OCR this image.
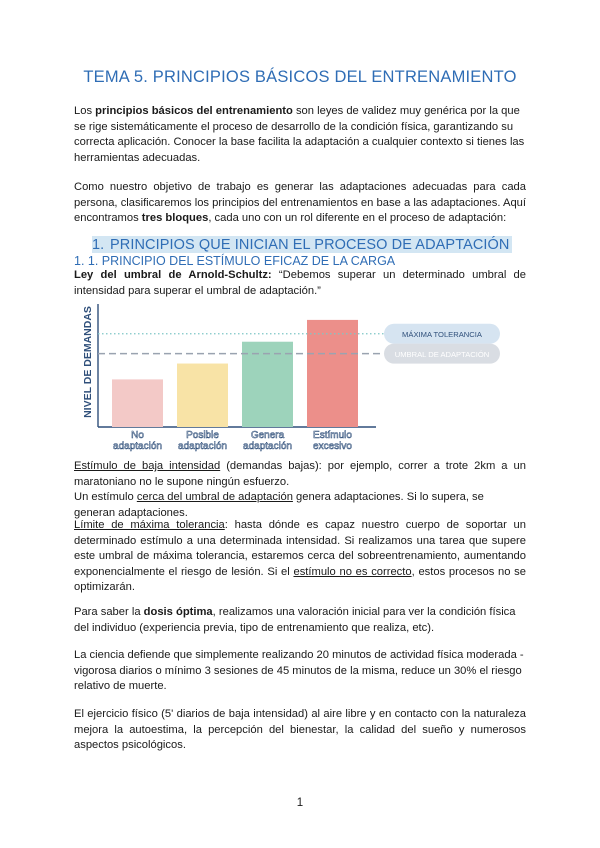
TEMA 5. PRINCIPIOS BÁSICOS DEL ENTRENAMIENTO

Los principios básicos del entrenamiento son leyes de validez muy genérica por la que se rige sistemáticamente el proceso de desarrollo de la condición física, garantizando su correcta aplicación. Conocer la base facilita la adaptación a cualquier contexto si tienes las herramientas adecuadas.

Como nuestro objetivo de trabajo es generar las adaptaciones adecuadas para cada persona, clasificaremos los principios del entrenamientos en base a las adaptaciones. Aquí encontramos tres bloques, cada uno con un rol diferente en el proceso de adaptación:

1. PRINCIPIOS QUE INICIAN EL PROCESO DE ADAPTACIÓN
1. 1. PRINCIPIO DEL ESTÍMULO EFICAZ DE LA CARGA

Ley del umbral de Arnold-Schultz: “Debemos superar un determinado umbral de intensidad para superar el umbral de adaptación.”

NIVEL DE DEMANDAS	MÁXIMA TOLERANCIA
UMBRAL DE ADAPTACIÓN
No
adaptación
Posible
adaptación
Genera
adaptación
Estímulo
excesivo

Estímulo de baja intensidad (demandas bajas): por ejemplo, correr a trote 2km a un maratoniano no le supone ningún esfuerzo.

Un estímulo cerca del umbral de adaptación genera adaptaciones. Si lo supera, se generan adaptaciones.

Límite de máxima tolerancia: hasta dónde es capaz nuestro cuerpo de soportar un determinado estímulo a una determinada intensidad. Si realizamos una tarea que supere este umbral de máxima tolerancia, estaremos cerca del sobreentrenamiento, aumentando exponencialmente el riesgo de lesión. Si el estímulo no es correcto, estos procesos no se optimizarán.

Para saber la dosis óptima, realizamos una valoración inicial para ver la condición física del individuo (experiencia previa, tipo de entrenamiento que realiza, etc).

La ciencia defiende que simplemente realizando 20 minutos de actividad física moderada - vigorosa diarios o mínimo 3 sesiones de 45 minutos de la misma, reduce un 30% el riesgo relativo de muerte.

El ejercicio físico (5' diarios de baja intensidad) al aire libre y en contacto con la naturaleza mejora la autoestima, la percepción del bienestar, la calidad del sueño y numerosos aspectos psicológicos.

1
